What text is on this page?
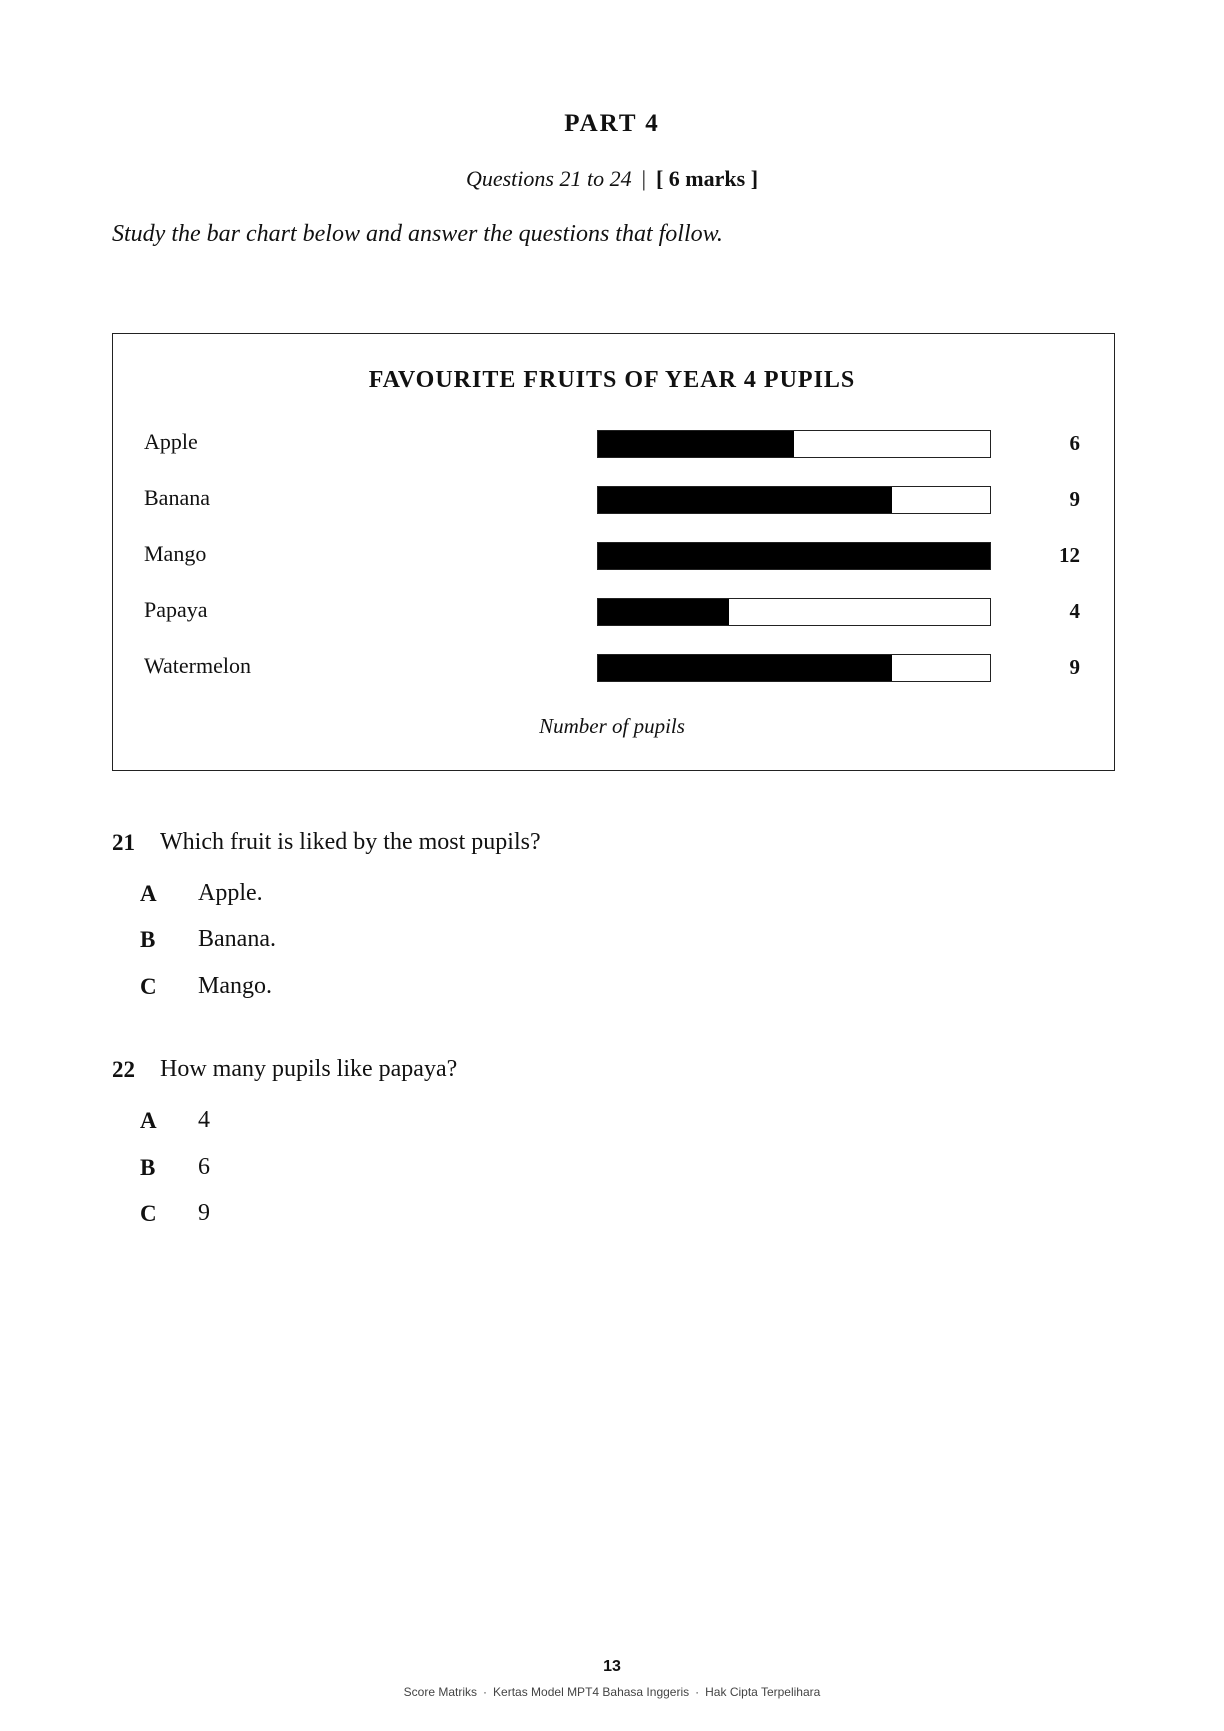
PART 4
Questions 21 to 24 | [ 6 marks ]
Study the bar chart below and answer the questions that follow.
FAVOURITE FRUITS OF YEAR 4 PUPILS
Apple	6
Banana	9
Mango	12
Papaya	4
Watermelon	9
Number of pupils
21 Which fruit is liked by the most pupils?
A Apple.
B Banana.
C Mango.
22 How many pupils like papaya?
A 4
B 6
C 9
13
Score Matriks · Kertas Model MPT4 Bahasa Inggeris · Hak Cipta Terpelihara
